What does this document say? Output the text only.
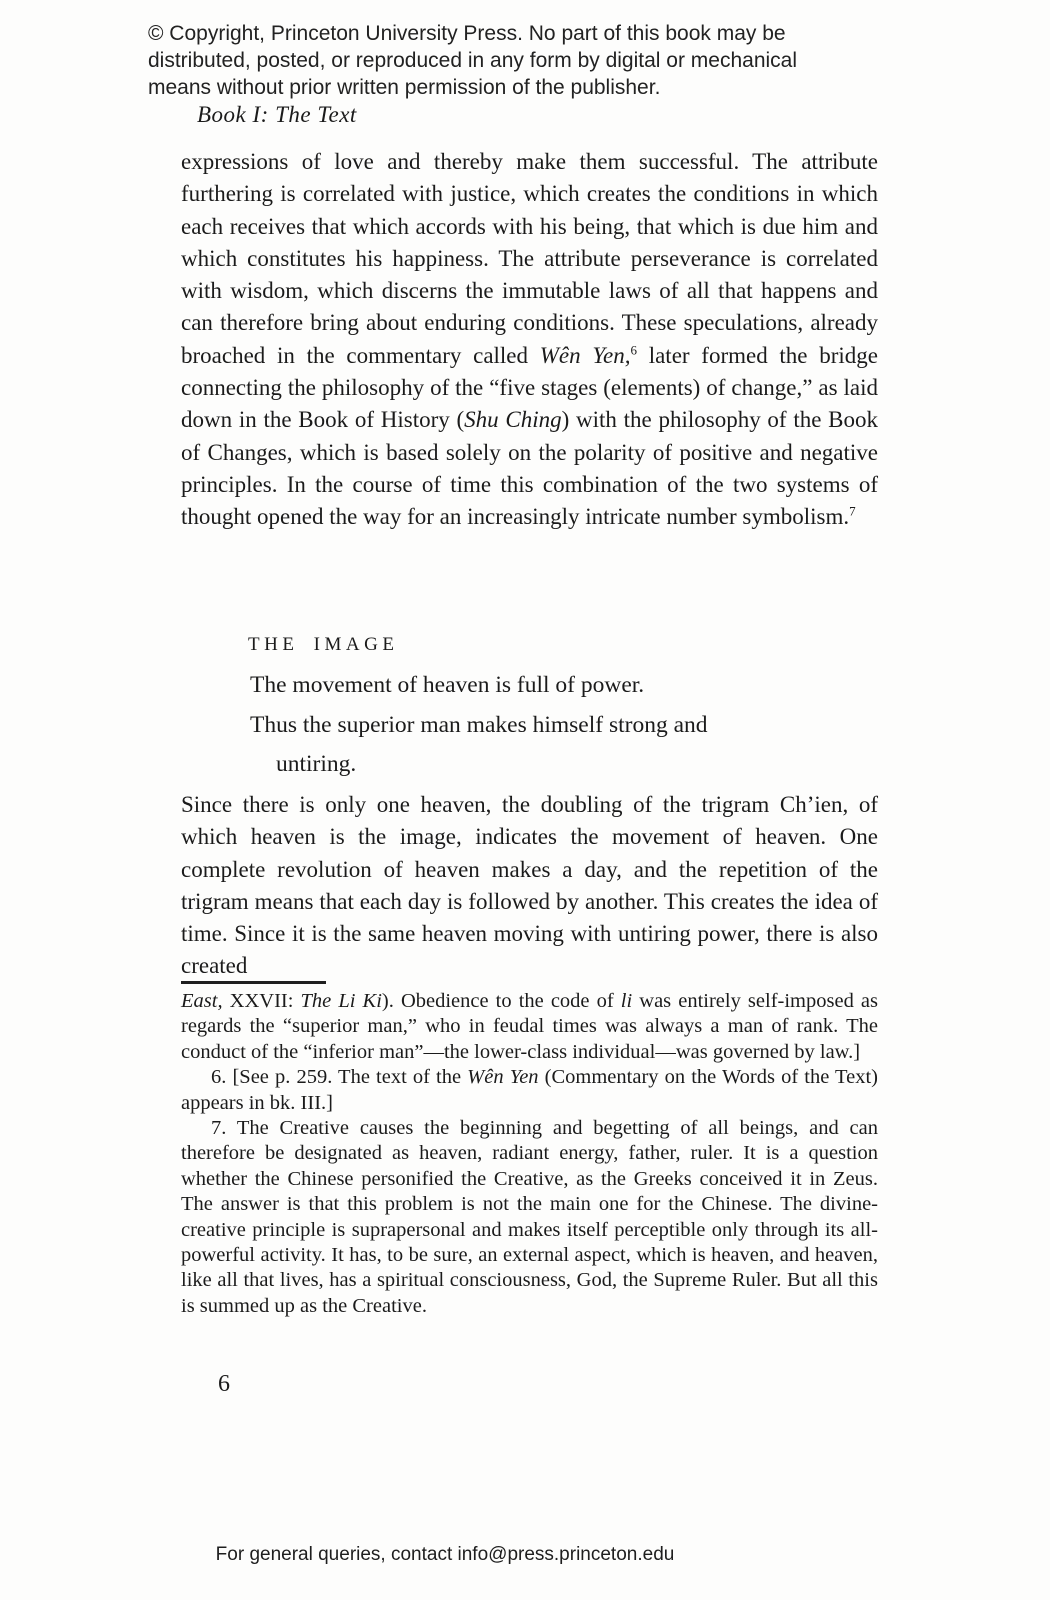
© Copyright, Princeton University Press. No part of this book may be
distributed, posted, or reproduced in any form by digital or mechanical
means without prior written permission of the publisher.
Book I: The Text

expressions of love and thereby make them successful. The attribute furthering is correlated with justice, which creates the conditions in which each receives that which accords with his being, that which is due him and which constitutes his happiness. The attribute perseverance is correlated with wisdom, which discerns the immutable laws of all that happens and can therefore bring about enduring conditions. These speculations, already broached in the commentary called Wên Yen,$^6$ later formed the bridge connecting the philosophy of the “five stages (elements) of change,” as laid down in the Book of History (Shu Ching) with the philosophy of the Book of Changes, which is based solely on the polarity of positive and negative principles. In the course of time this combination of the two systems of thought opened the way for an increasingly intricate number symbolism.$^7$

THE IMAGE
The movement of heaven is full of power.
Thus the superior man makes himself strong and
untiring.

Since there is only one heaven, the doubling of the trigram Ch’ien, of which heaven is the image, indicates the movement of heaven. One complete revolution of heaven makes a day, and the repetition of the trigram means that each day is followed by another. This creates the idea of time. Since it is the same heaven moving with untiring power, there is also created

East, XXVII: The Li Ki). Obedience to the code of li was entirely self-imposed as regards the “superior man,” who in feudal times was always a man of rank. The conduct of the “inferior man”—the lower-class individual—was governed by law.]

6. [See p. 259. The text of the Wên Yen (Commentary on the Words of the Text) appears in bk. III.]

7. The Creative causes the beginning and begetting of all beings, and can therefore be designated as heaven, radiant energy, father, ruler. It is a question whether the Chinese personified the Creative, as the Greeks conceived it in Zeus. The answer is that this problem is not the main one for the Chinese. The divine-creative principle is suprapersonal and makes itself perceptible only through its all-powerful activity. It has, to be sure, an external aspect, which is heaven, and heaven, like all that lives, has a spiritual consciousness, God, the Supreme Ruler. But all this is summed up as the Creative.

6
For general queries, contact info@press.princeton.edu
